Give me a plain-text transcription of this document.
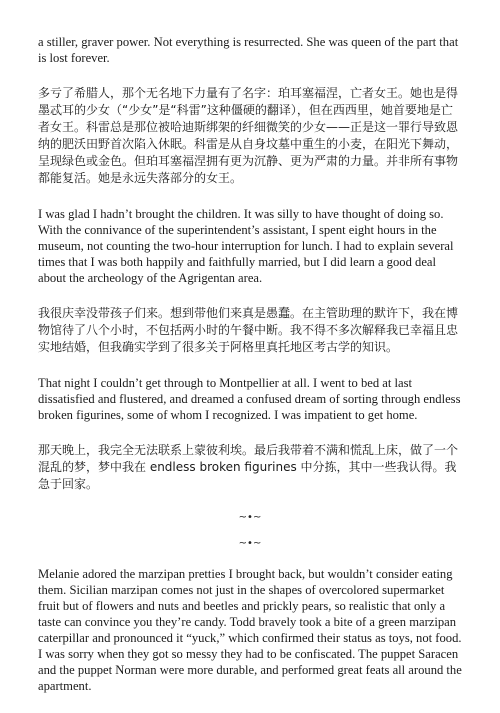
a stiller, graver power. Not everything is resurrected. She was queen of the part that is lost forever.

多亏了希腊人，那个无名地下力量有了名字：珀耳塞福涅，亡者女王。她也是得墨忒耳的少女（“少女”是“科雷”这种僵硬的翻译），但在西西里，她首要地是亡者女王。科雷总是那位被哈迪斯绑架的纤细微笑的少女——正是这一罪行导致恩纳的肥沃田野首次陷入休眠。科雷是从自身坟墓中重生的小麦，在阳光下舞动，呈现绿色或金色。但珀耳塞福涅拥有更为沉静、更为严肃的力量。并非所有事物都能复活。她是永远失落部分的女王。

I was glad I hadn’t brought the children. It was silly to have thought of doing so. With the connivance of the superintendent’s assistant, I spent eight hours in the museum, not counting the two-hour interruption for lunch. I had to explain several times that I was both happily and faithfully married, but I did learn a good deal about the archeology of the Agrigentan area.

我很庆幸没带孩子们来。想到带他们来真是愚蠢。在主管助理的默许下，我在博物馆待了八个小时，不包括两小时的午餐中断。我不得不多次解释我已幸福且忠实地结婚，但我确实学到了很多关于阿格里真托地区考古学的知识。

That night I couldn’t get through to Montpellier at all. I went to bed at last dissatisfied and flustered, and dreamed a confused dream of sorting through endless broken figurines, some of whom I recognized. I was impatient to get home.

那天晚上，我完全无法联系上蒙彼利埃。最后我带着不满和慌乱上床，做了一个混乱的梦，梦中我在 endless broken figurines 中分拣，其中一些我认得。我急于回家。

~•~

~•~

Melanie adored the marzipan pretties I brought back, but wouldn’t consider eating them. Sicilian marzipan comes not just in the shapes of overcolored supermarket fruit but of flowers and nuts and beetles and prickly pears, so realistic that only a taste can convince you they’re candy. Todd bravely took a bite of a green marzipan caterpillar and pronounced it “yuck,” which confirmed their status as toys, not food. I was sorry when they got so messy they had to be confiscated. The puppet Saracen and the puppet Norman were more durable, and performed great feats all around the apartment.
